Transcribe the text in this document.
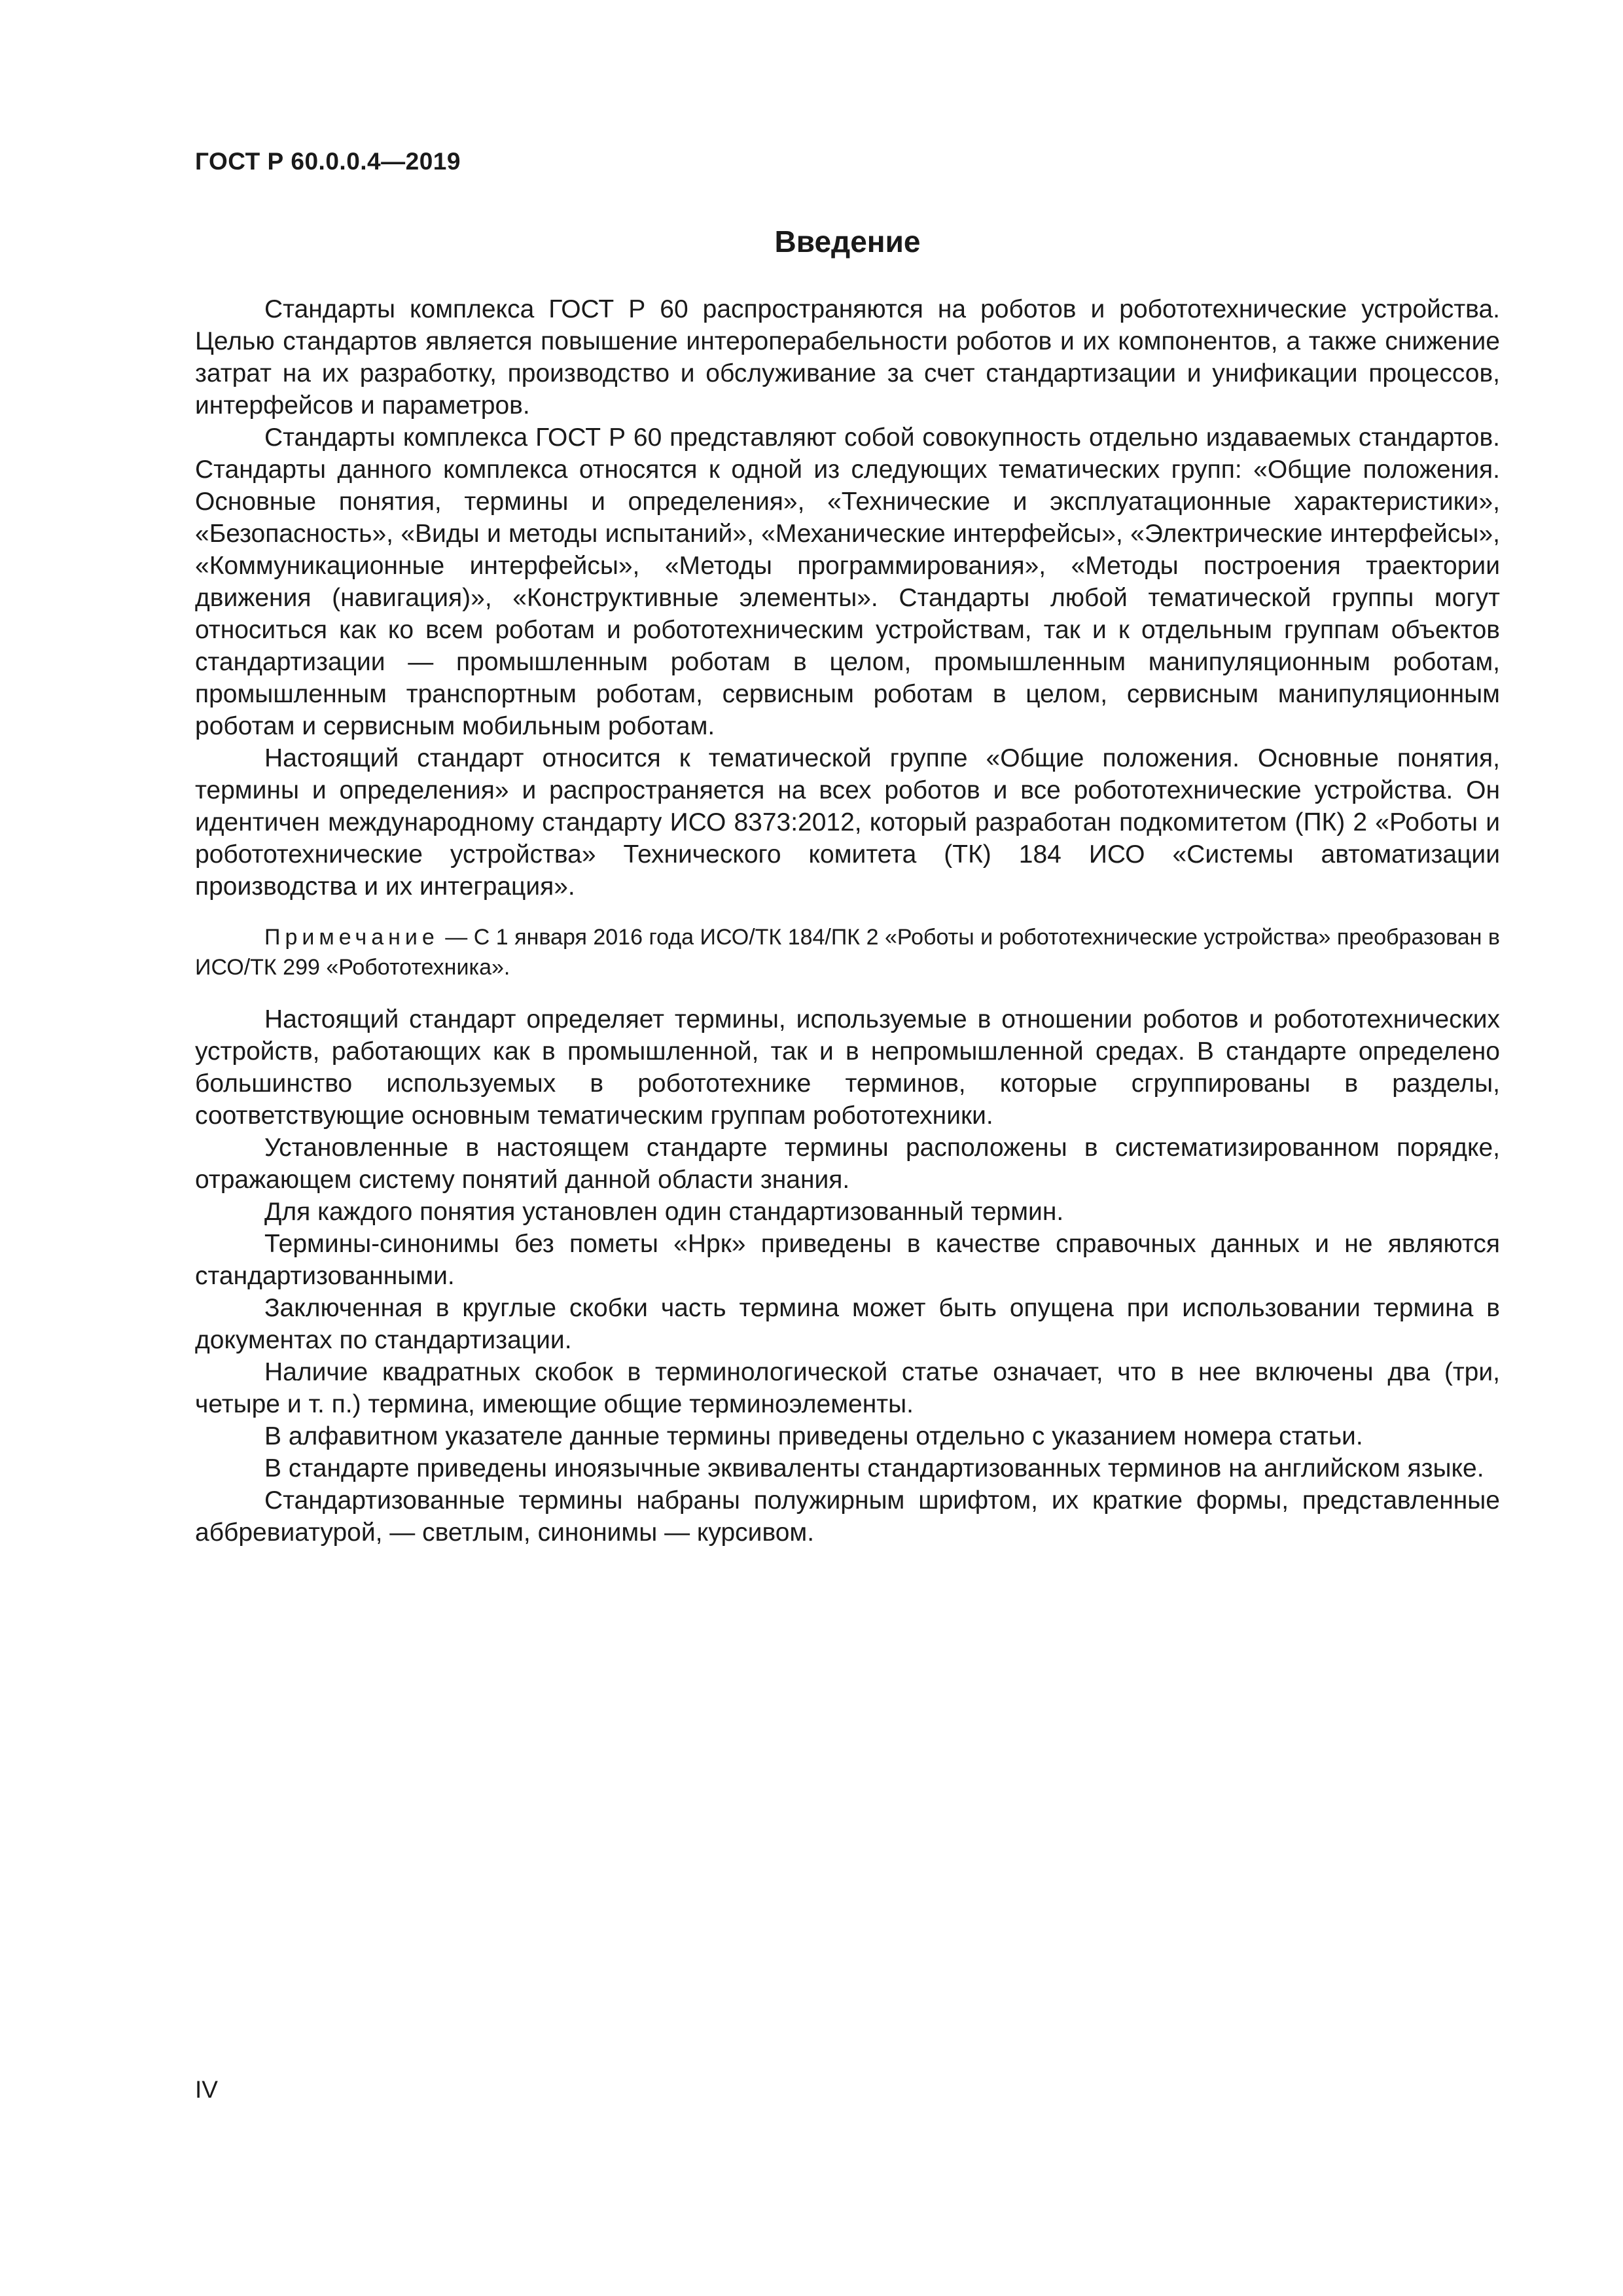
ГОСТ Р 60.0.0.4—2019
Введение

Стандарты комплекса ГОСТ Р 60 распространяются на роботов и робототехнические устройства. Целью стандартов является повышение интероперабельности роботов и их компонентов, а также снижение затрат на их разработку, производство и обслуживание за счет стандартизации и унификации процессов, интерфейсов и параметров.

Стандарты комплекса ГОСТ Р 60 представляют собой совокупность отдельно издаваемых стандартов. Стандарты данного комплекса относятся к одной из следующих тематических групп: «Общие положения. Основные понятия, термины и определения», «Технические и эксплуатационные характеристики», «Безопасность», «Виды и методы испытаний», «Механические интерфейсы», «Электрические интерфейсы», «Коммуникационные интерфейсы», «Методы программирования», «Методы построения траектории движения (навигация)», «Конструктивные элементы». Стандарты любой тематической группы могут относиться как ко всем роботам и робототехническим устройствам, так и к отдельным группам объектов стандартизации — промышленным роботам в целом, промышленным манипуляционным роботам, промышленным транспортным роботам, сервисным роботам в целом, сервисным манипуляционным роботам и сервисным мобильным роботам.

Настоящий стандарт относится к тематической группе «Общие положения. Основные понятия, термины и определения» и распространяется на всех роботов и все робототехнические устройства. Он идентичен международному стандарту ИСО 8373:2012, который разработан подкомитетом (ПК) 2 «Роботы и робототехнические устройства» Технического комитета (ТК) 184 ИСО «Системы автоматизации производства и их интеграция».

Примечание — С 1 января 2016 года ИСО/ТК 184/ПК 2 «Роботы и робототехнические устройства» преобразован в ИСО/ТК 299 «Робототехника».

Настоящий стандарт определяет термины, используемые в отношении роботов и робототехнических устройств, работающих как в промышленной, так и в непромышленной средах. В стандарте определено большинство используемых в робототехнике терминов, которые сгруппированы в разделы, соответствующие основным тематическим группам робототехники.

Установленные в настоящем стандарте термины расположены в систематизированном порядке, отражающем систему понятий данной области знания.

Для каждого понятия установлен один стандартизованный термин.

Термины-синонимы без пометы «Нрк» приведены в качестве справочных данных и не являются стандартизованными.

Заключенная в круглые скобки часть термина может быть опущена при использовании термина в документах по стандартизации.

Наличие квадратных скобок в терминологической статье означает, что в нее включены два (три, четыре и т. п.) термина, имеющие общие терминоэлементы.

В алфавитном указателе данные термины приведены отдельно с указанием номера статьи.

В стандарте приведены иноязычные эквиваленты стандартизованных терминов на английском языке.

Стандартизованные термины набраны полужирным шрифтом, их краткие формы, представленные аббревиатурой, — светлым, синонимы — курсивом.

IV
